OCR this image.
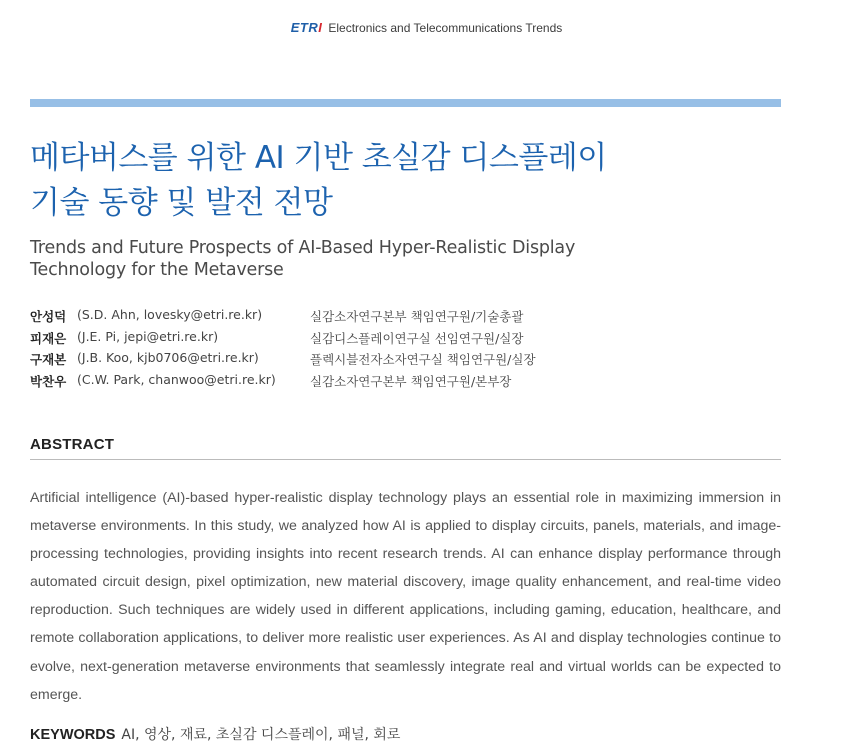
ETRI Electronics and Telecommunications Trends
메타버스를 위한 AI 기반 초실감 디스플레이
기술 동향 및 발전 전망
Trends and Future Prospects of AI-Based Hyper-Realistic Display
Technology for the Metaverse
안성덕 (S.D. Ahn, lovesky@etri.re.kr)	실감소자연구본부 책임연구원/기술총괄
피재은 (J.E. Pi, jepi@etri.re.kr)	실감디스플레이연구실 선임연구원/실장
구재본 (J.B. Koo, kjb0706@etri.re.kr)	플렉시블전자소자연구실 책임연구원/실장
박찬우 (C.W. Park, chanwoo@etri.re.kr)	실감소자연구본부 책임연구원/본부장
ABSTRACT
Artificial intelligence (AI)-based hyper-realistic display technology plays an essential role in maximizing immersion in metaverse environments. In this study, we analyzed how AI is applied to display circuits, panels, materials, and image-processing technologies, providing insights into recent research trends. AI can enhance display performance through automated circuit design, pixel optimization, new material discovery, image quality enhancement, and real-time video reproduction. Such techniques are widely used in different applications, including gaming, education, healthcare, and remote collaboration applications, to deliver more realistic user experiences. As AI and display technologies continue to evolve, next-generation metaverse environments that seamlessly integrate real and virtual worlds can be expected to emerge.
KEYWORDS AI, 영상, 재료, 초실감 디스플레이, 패널, 회로
